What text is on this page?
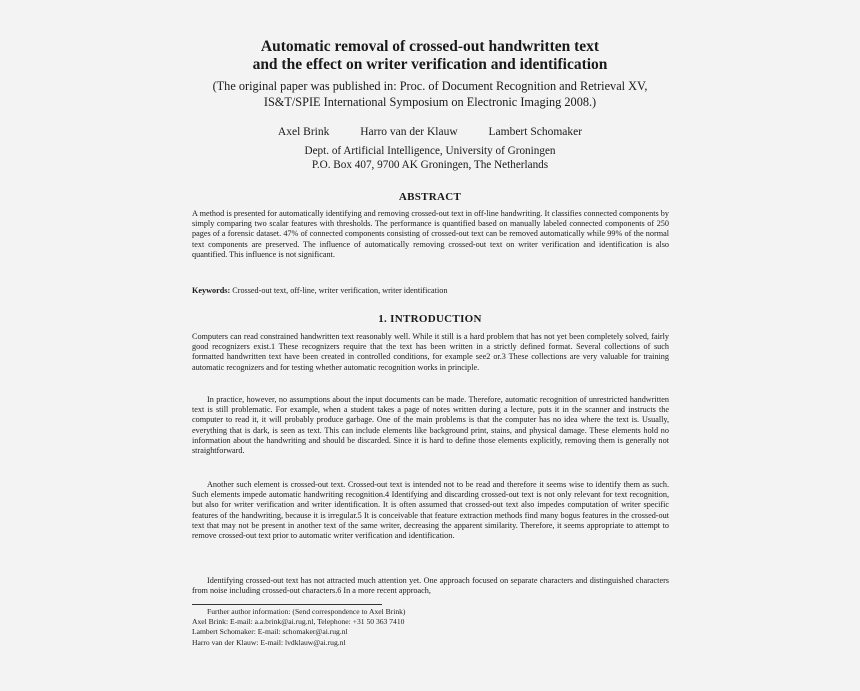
Automatic removal of crossed-out handwritten text
and the effect on writer verification and identification
(The original paper was published in: Proc. of Document Recognition and Retrieval XV,
IS&T/SPIE International Symposium on Electronic Imaging 2008.)
Axel Brink	Harro van der Klauw	Lambert Schomaker
Dept. of Artificial Intelligence, University of Groningen
P.O. Box 407, 9700 AK Groningen, The Netherlands
ABSTRACT
A method is presented for automatically identifying and removing crossed-out text in off-line handwriting. It classifies connected components by simply comparing two scalar features with thresholds. The performance is quantified based on manually labeled connected components of 250 pages of a forensic dataset. 47% of connected components consisting of crossed-out text can be removed automatically while 99% of the normal text components are preserved. The influence of automatically removing crossed-out text on writer verification and identification is also quantified. This influence is not significant.
Keywords: Crossed-out text, off-line, writer verification, writer identification
1. INTRODUCTION
Computers can read constrained handwritten text reasonably well. While it still is a hard problem that has not yet been completely solved, fairly good recognizers exist.1 These recognizers require that the text has been written in a strictly defined format. Several collections of such formatted handwritten text have been created in controlled conditions, for example see2 or.3 These collections are very valuable for training automatic recognizers and for testing whether automatic recognition works in principle.
In practice, however, no assumptions about the input documents can be made. Therefore, automatic recognition of unrestricted handwritten text is still problematic. For example, when a student takes a page of notes written during a lecture, puts it in the scanner and instructs the computer to read it, it will probably produce garbage. One of the main problems is that the computer has no idea where the text is. Usually, everything that is dark, is seen as text. This can include elements like background print, stains, and physical damage. These elements hold no information about the handwriting and should be discarded. Since it is hard to define those elements explicitly, removing them is generally not straightforward.
Another such element is crossed-out text. Crossed-out text is intended not to be read and therefore it seems wise to identify them as such. Such elements impede automatic handwriting recognition.4 Identifying and discarding crossed-out text is not only relevant for text recognition, but also for writer verification and writer identification. It is often assumed that crossed-out text also impedes computation of writer specific features of the handwriting, because it is irregular.5 It is conceivable that feature extraction methods find many bogus features in the crossed-out text that may not be present in another text of the same writer, decreasing the apparent similarity. Therefore, it seems appropriate to attempt to remove crossed-out text prior to automatic writer verification and identification.
Identifying crossed-out text has not attracted much attention yet. One approach focused on separate characters and distinguished characters from noise including crossed-out characters.6 In a more recent approach,
Further author information: (Send correspondence to Axel Brink)
Axel Brink: E-mail: a.a.brink@ai.rug.nl, Telephone: +31 50 363 7410
Lambert Schomaker: E-mail: schomaker@ai.rug.nl
Harro van der Klauw: E-mail: lvdklauw@ai.rug.nl
